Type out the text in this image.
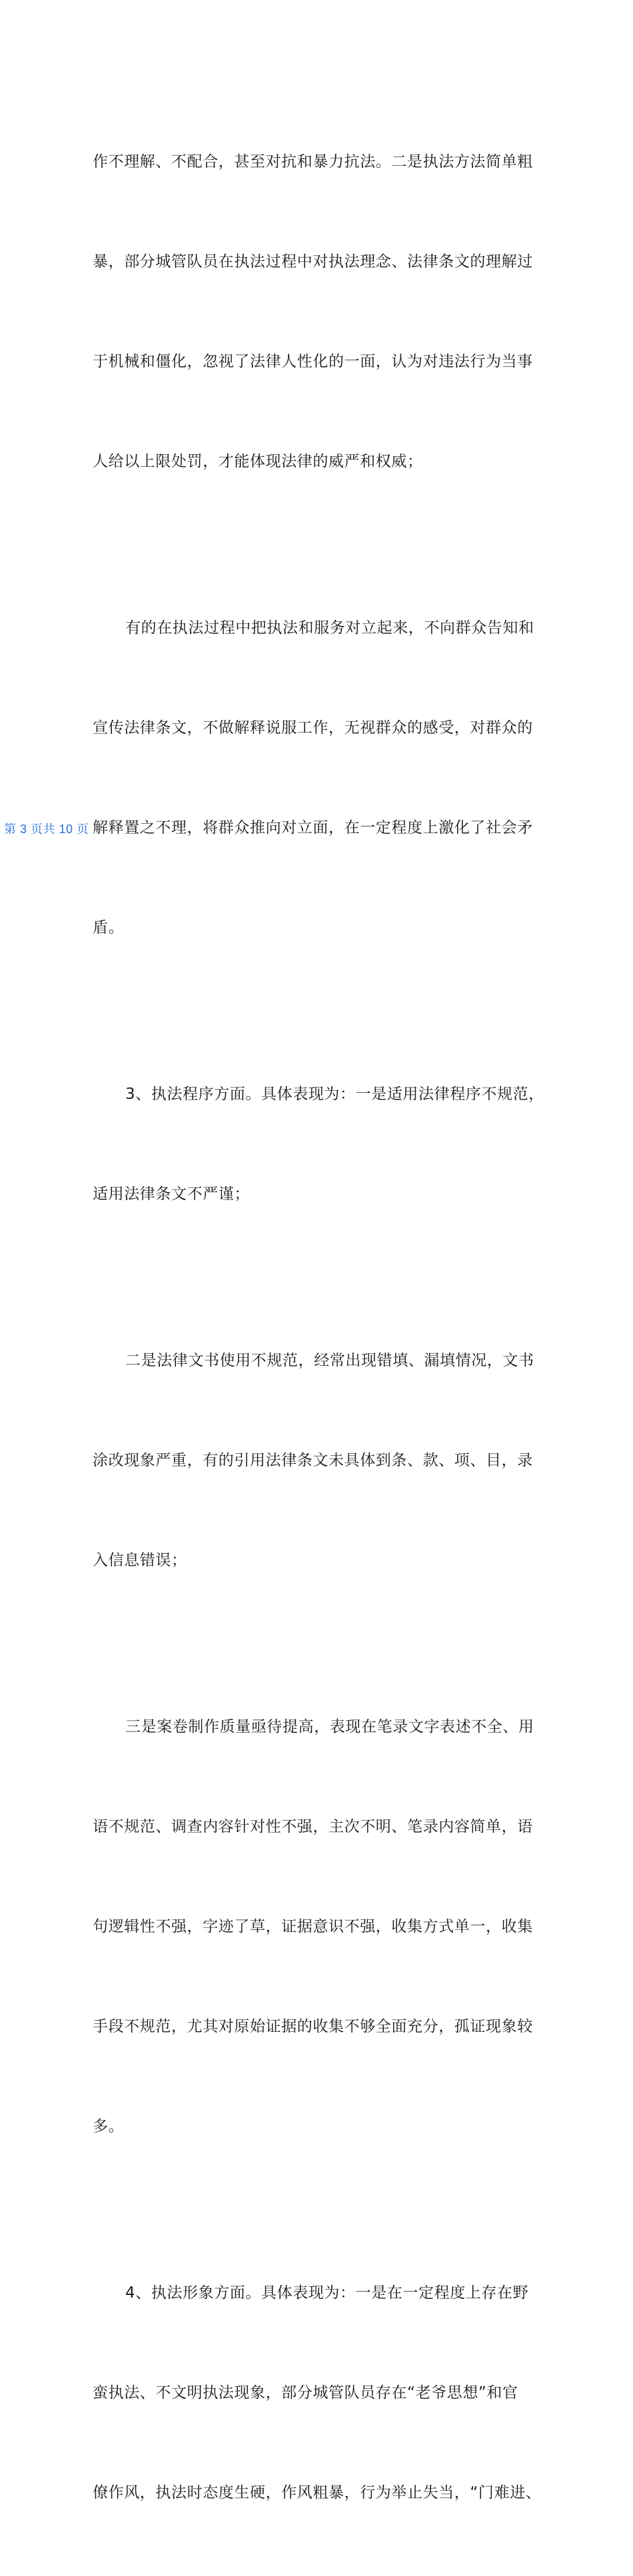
作不理解、不配合，甚至对抗和暴力抗法。二是执法方法简单粗

暴，部分城管队员在执法过程中对执法理念、法律条文的理解过

于机械和僵化，忽视了法律人性化的一面，认为对违法行为当事

人给以上限处罚，才能体现法律的威严和权威；

有的在执法过程中把执法和服务对立起来，不向群众告知和

宣传法律条文，不做解释说服工作，无视群众的感受，对群众的

解释置之不理，将群众推向对立面，在一定程度上激化了社会矛

盾。

3、执法程序方面。具体表现为：一是适用法律程序不规范，

适用法律条文不严谨；

二是法律文书使用不规范，经常出现错填、漏填情况，文书

涂改现象严重，有的引用法律条文未具体到条、款、项、目，录

入信息错误；

三是案卷制作质量亟待提高，表现在笔录文字表述不全、用

语不规范、调查内容针对性不强，主次不明、笔录内容简单，语

句逻辑性不强，字迹了草，证据意识不强，收集方式单一，收集

手段不规范，尤其对原始证据的收集不够全面充分，孤证现象较

多。

4、执法形象方面。具体表现为：一是在一定程度上存在野

蛮执法、不文明执法现象，部分城管队员存在“老爷思想”和官

僚作风，执法时态度生硬，作风粗暴，行为举止失当，“门难进、

第 3 页共 10 页
